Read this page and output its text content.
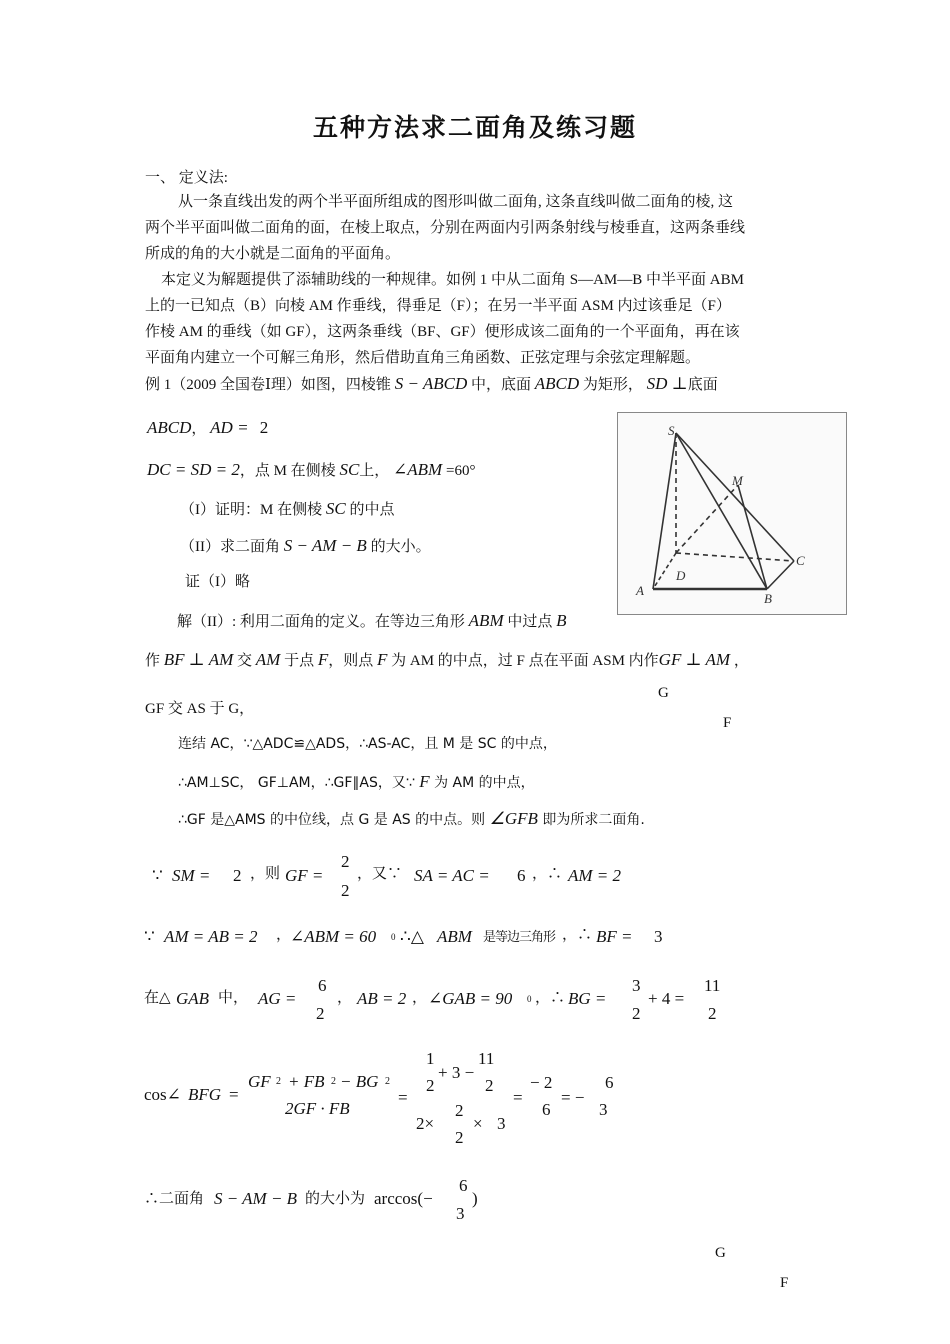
五种方法求二面角及练习题
一、 定义法:
从一条直线出发的两个半平面所组成的图形叫做二面角, 这条直线叫做二面角的棱, 这
两个半平面叫做二面角的面，在棱上取点，分别在两面内引两条射线与棱垂直，这两条垂线
所成的角的大小就是二面角的平面角。
本定义为解题提供了添辅助线的一种规律。如例 1 中从二面角 S—AM—B 中半平面 ABM
上的一已知点（B）向棱 AM 作垂线，得垂足（F）；在另一半平面 ASM 内过该垂足（F）
作棱 AM 的垂线（如 GF），这两条垂线（BF、GF）便形成该二面角的一个平面角，再在该
平面角内建立一个可解三角形，然后借助直角三角函数、正弦定理与余弦定理解题。
例 1（2009 全国卷Ⅰ理）如图，四棱锥 S − ABCD 中，底面 ABCD 为矩形， SD ⊥底面
ABCD， AD = 2
DC = SD = 2，点 M 在侧棱 SC上， ∠ABM =60°
（I）证明：M 在侧棱 SC 的中点
（II）求二面角 S − AM − B 的大小。
证（I）略
解（II）: 利用二面角的定义。在等边三角形 ABM 中过点 B
S
M
C
D
A
B
作 BF ⊥ AM 交 AM 于点 F，则点 F 为 AM 的中点，过 F 点在平面 ASM 内作GF ⊥ AM ，
G
GF 交 AS 于 G，
F
连结 AC，∵△ADC≌△ADS，∴AS-AC，且 M 是 SC 的中点，
∴AM⊥SC， GF⊥AM，∴GF∥AS，又∵ F 为 AM 的中点，
∴GF 是△AMS 的中位线，点 G 是 AS 的中点。则 ∠GFB 即为所求二面角.
∵ SM = 2 ，则 GF =
2
2
，又∵ SA = AC = 6 ，∴ AM = 2
∵ AM = AB = 2 ，
∠ABM = 60 0 ∴△ ABM 是等边三角形 ，∴ BF = 3
在△ GAB 中， AG =
6
2
， AB = 2 ， ∠GAB = 90 0 ，∴ BG =
3
2
+ 4 =
11
2
cos∠ BFG =
GF 2 + FB 2 − BG 2
2GF · FB
=
1
2
+ 3 −
11
2
2×
2
2
× 3
=
− 2
6
= −
6
3
∴二面角 S − AM − B 的大小为 arccos(−
6
3
)
G
F
